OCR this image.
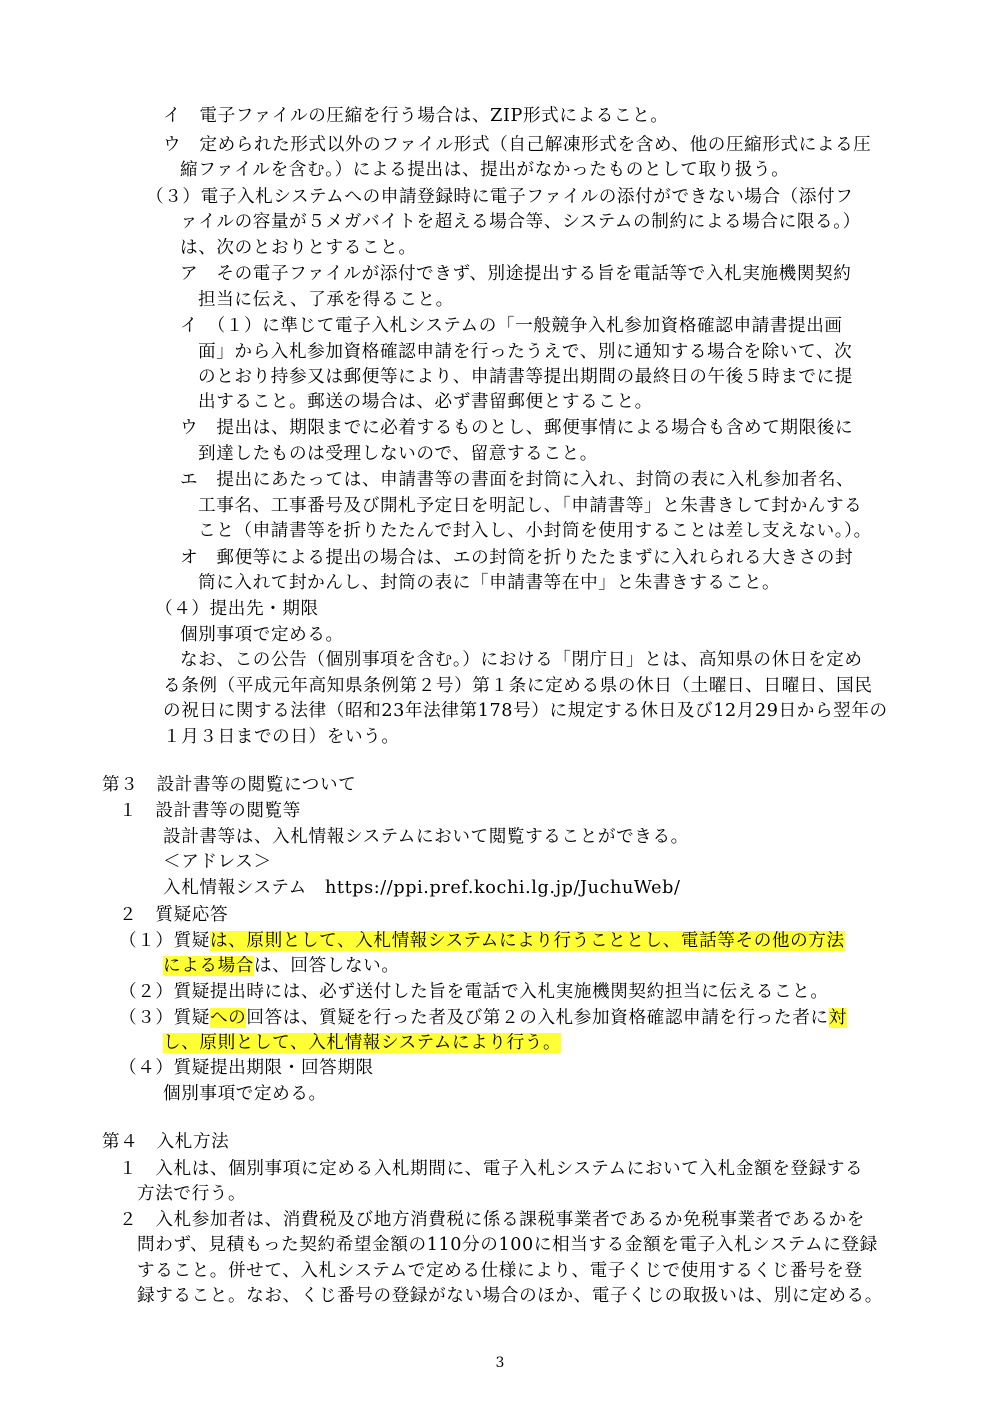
イ　電子ファイルの圧縮を行う場合は、ZIP形式によること。
ウ　定められた形式以外のファイル形式（自己解凍形式を含め、他の圧縮形式による圧
縮ファイルを含む。）による提出は、提出がなかったものとして取り扱う。
（３）電子入札システムへの申請登録時に電子ファイルの添付ができない場合（添付フ
ァイルの容量が５メガバイトを超える場合等、システムの制約による場合に限る。）
は、次のとおりとすること。
ア　その電子ファイルが添付できず、別途提出する旨を電話等で入札実施機関契約
担当に伝え、了承を得ること。
イ　（１）に準じて電子入札システムの「一般競争入札参加資格確認申請書提出画
面」から入札参加資格確認申請を行ったうえで、別に通知する場合を除いて、次
のとおり持参又は郵便等により、申請書等提出期間の最終日の午後５時までに提
出すること。郵送の場合は、必ず書留郵便とすること。
ウ　提出は、期限までに必着するものとし、郵便事情による場合も含めて期限後に
到達したものは受理しないので、留意すること。
エ　提出にあたっては、申請書等の書面を封筒に入れ、封筒の表に入札参加者名、
工事名、工事番号及び開札予定日を明記し、「申請書等」と朱書きして封かんする
こと（申請書等を折りたたんで封入し、小封筒を使用することは差し支えない。）。
オ　郵便等による提出の場合は、エの封筒を折りたたまずに入れられる大きさの封
筒に入れて封かんし、封筒の表に「申請書等在中」と朱書きすること。
（４）提出先・期限
個別事項で定める。
なお、この公告（個別事項を含む。）における「閉庁日」とは、高知県の休日を定め
る条例（平成元年高知県条例第２号）第１条に定める県の休日（土曜日、日曜日、国民
の祝日に関する法律（昭和23年法律第178号）に規定する休日及び12月29日から翌年の
１月３日までの日）をいう。
第３　設計書等の閲覧について
１　設計書等の閲覧等
設計書等は、入札情報システムにおいて閲覧することができる。
＜アドレス＞
入札情報システム　https://ppi.pref.kochi.lg.jp/JuchuWeb/
２　質疑応答
（１）質疑は、原則として、入札情報システムにより行うこととし、電話等その他の方法
による場合は、回答しない。
（２）質疑提出時には、必ず送付した旨を電話で入札実施機関契約担当に伝えること。
（３）質疑への回答は、質疑を行った者及び第２の入札参加資格確認申請を行った者に対
し、原則として、入札情報システムにより行う。
（４）質疑提出期限・回答期限
個別事項で定める。
第４　入札方法
１　入札は、個別事項に定める入札期間に、電子入札システムにおいて入札金額を登録する
方法で行う。
２　入札参加者は、消費税及び地方消費税に係る課税事業者であるか免税事業者であるかを
問わず、見積もった契約希望金額の110分の100に相当する金額を電子入札システムに登録
すること。併せて、入札システムで定める仕様により、電子くじで使用するくじ番号を登
録すること。なお、くじ番号の登録がない場合のほか、電子くじの取扱いは、別に定める。
3
